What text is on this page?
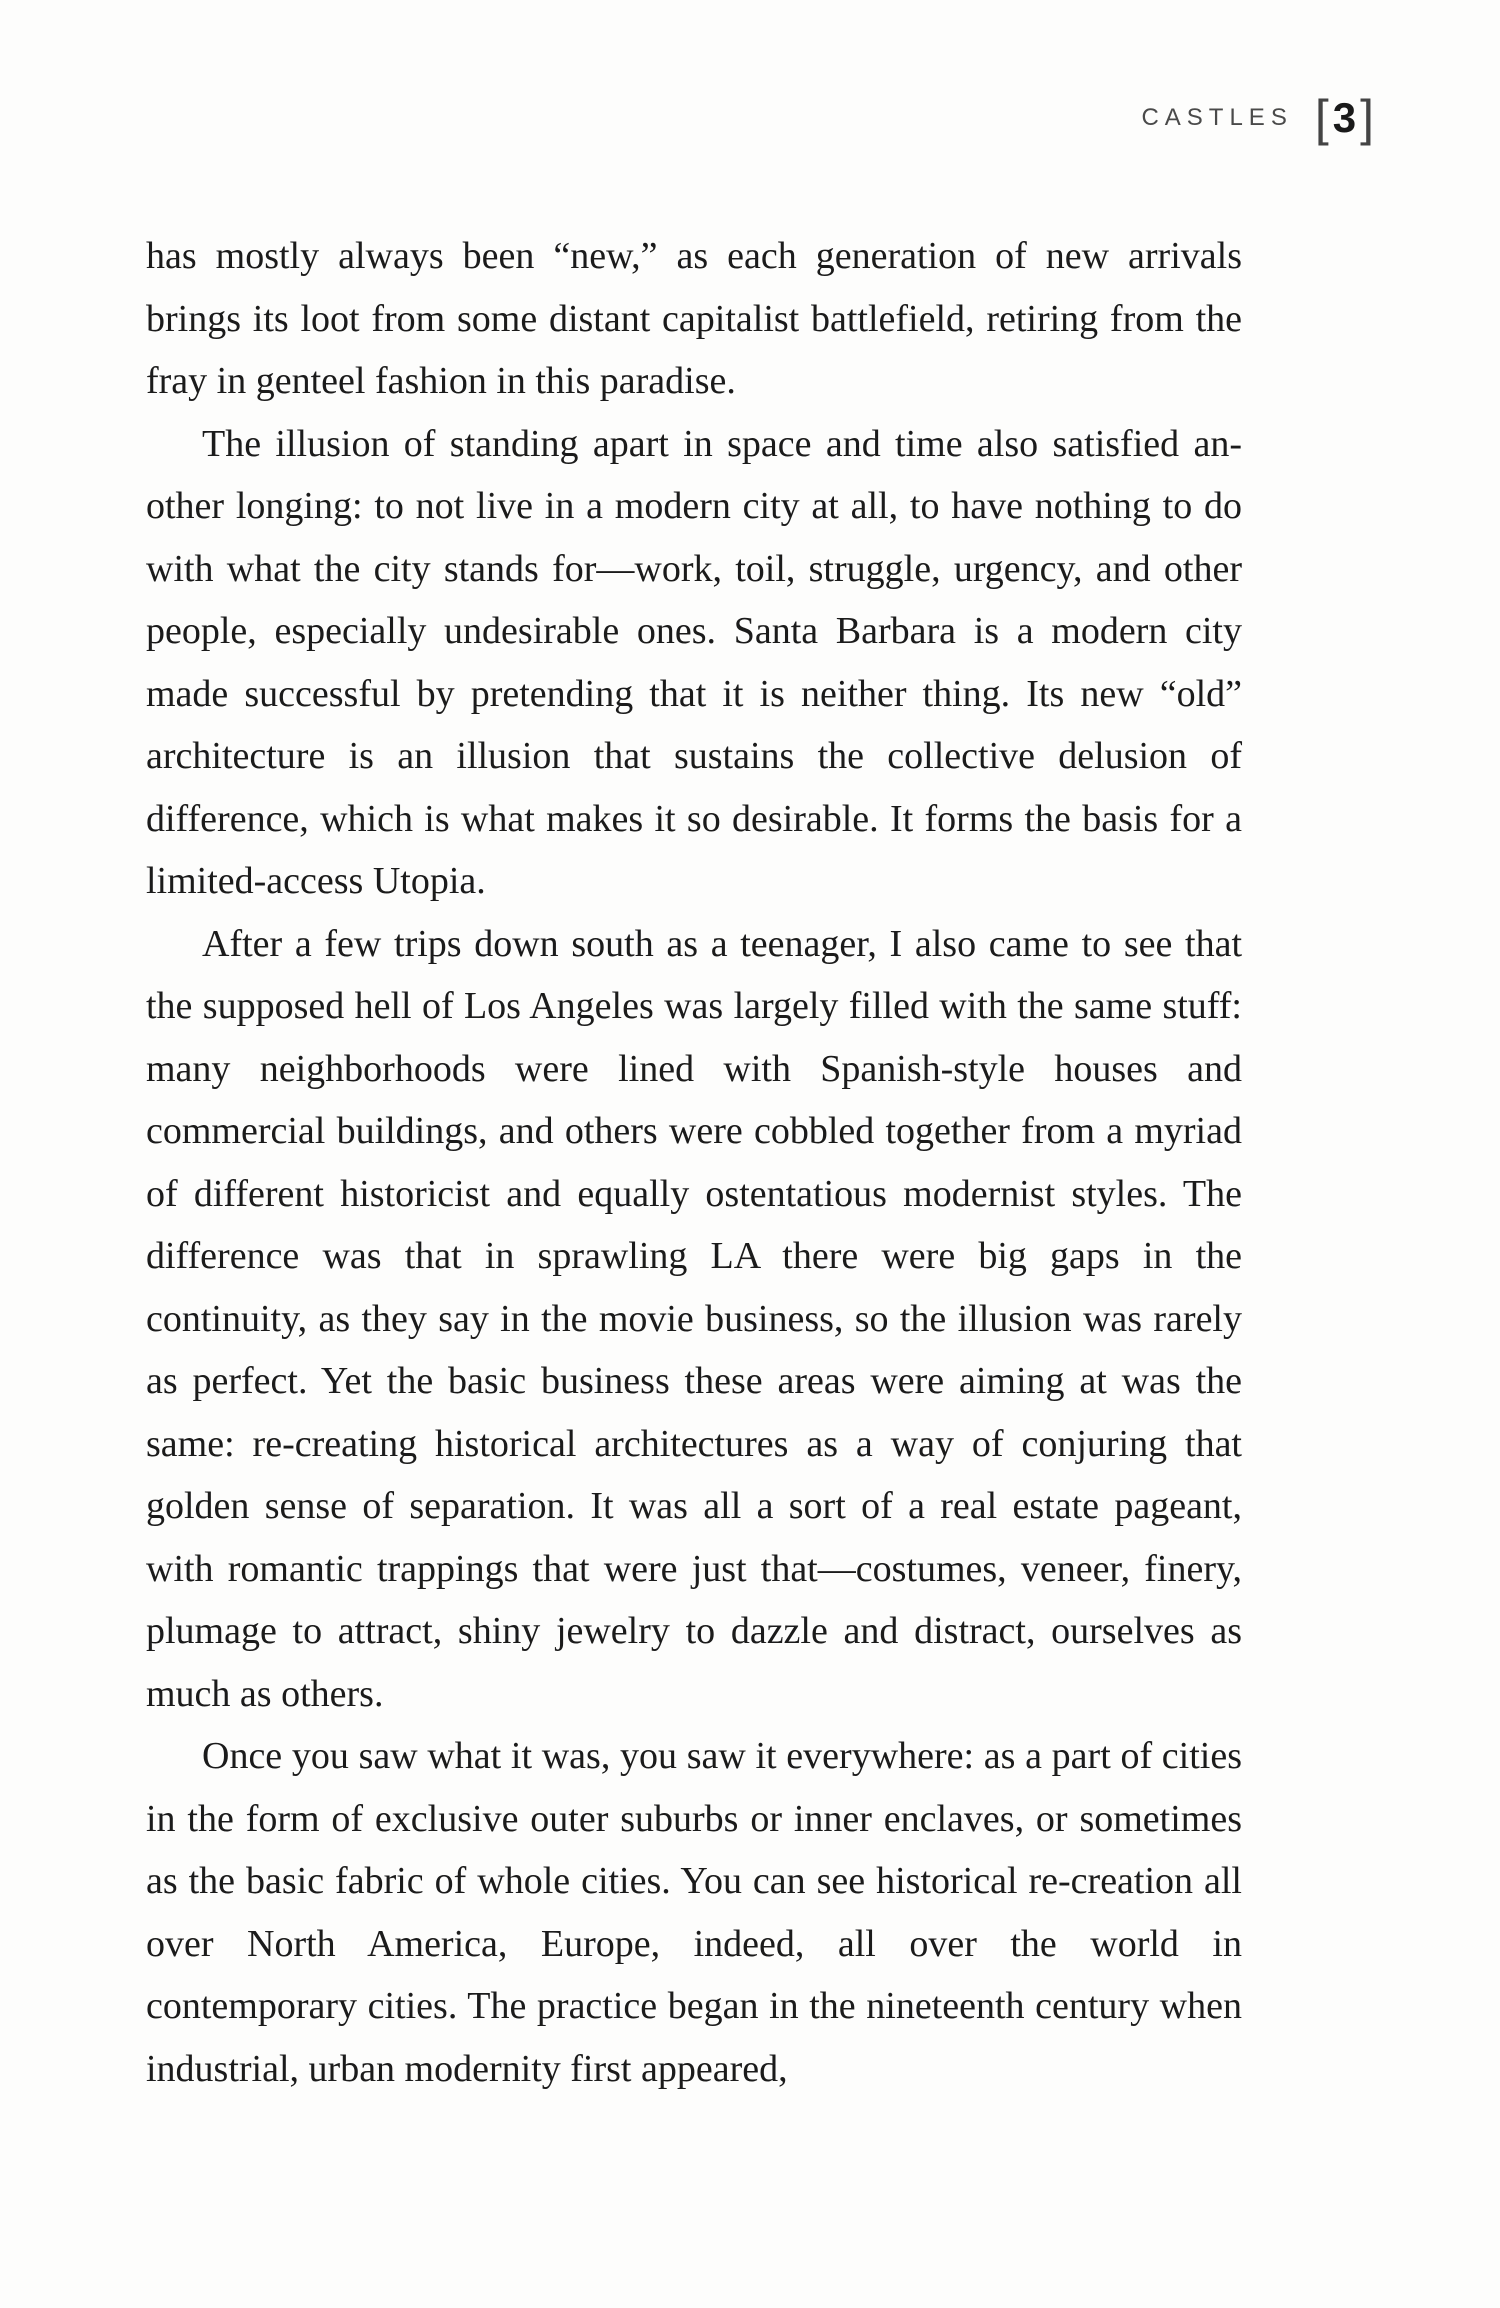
CASTLES [ 3 ]

has mostly always been “new,” as each generation of new arrivals brings its loot from some distant capitalist battlefield, retiring from the fray in genteel fashion in this paradise.

The illusion of standing apart in space and time also satisfied another longing: to not live in a modern city at all, to have nothing to do with what the city stands for—work, toil, struggle, urgency, and other people, especially undesirable ones. Santa Barbara is a modern city made successful by pretending that it is neither thing. Its new “old” architecture is an illusion that sustains the collective delusion of difference, which is what makes it so desirable. It forms the basis for a limited-access Utopia.

After a few trips down south as a teenager, I also came to see that the supposed hell of Los Angeles was largely filled with the same stuff: many neighborhoods were lined with Spanish-style houses and commercial buildings, and others were cobbled together from a myriad of different historicist and equally ostentatious modernist styles. The difference was that in sprawling LA there were big gaps in the continuity, as they say in the movie business, so the illusion was rarely as perfect. Yet the basic business these areas were aiming at was the same: re-creating historical architectures as a way of conjuring that golden sense of separation. It was all a sort of a real estate pageant, with romantic trappings that were just that—costumes, veneer, finery, plumage to attract, shiny jewelry to dazzle and distract, ourselves as much as others.

Once you saw what it was, you saw it everywhere: as a part of cities in the form of exclusive outer suburbs or inner enclaves, or sometimes as the basic fabric of whole cities. You can see historical re-creation all over North America, Europe, indeed, all over the world in contemporary cities. The practice began in the nineteenth century when industrial, urban modernity first appeared,
